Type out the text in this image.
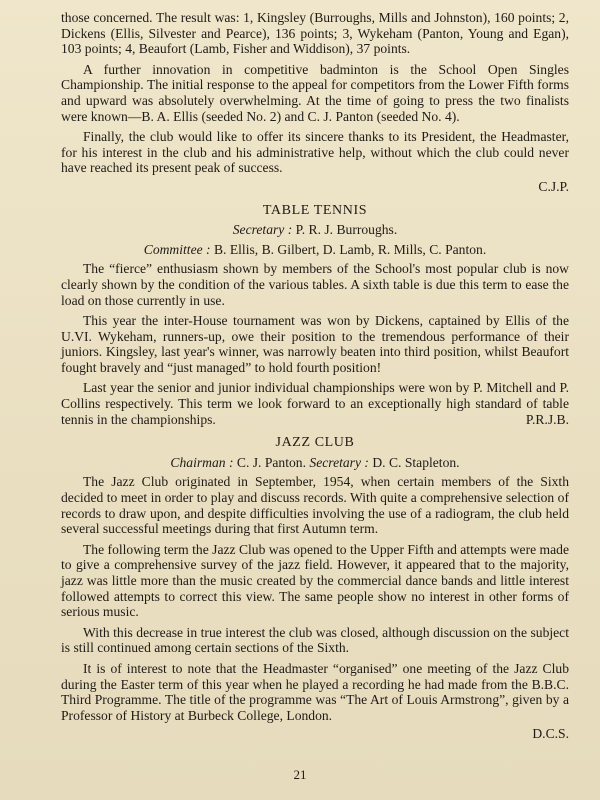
those concerned. The result was: 1, Kingsley (Burroughs, Mills and Johnston), 160 points; 2, Dickens (Ellis, Silvester and Pearce), 136 points; 3, Wykeham (Panton, Young and Egan), 103 points; 4, Beaufort (Lamb, Fisher and Widdison), 37 points.

A further innovation in competitive badminton is the School Open Singles Championship. The initial response to the appeal for competitors from the Lower Fifth forms and upward was absolutely overwhelming. At the time of going to press the two finalists were known—B. A. Ellis (seeded No. 2) and C. J. Panton (seeded No. 4).

Finally, the club would like to offer its sincere thanks to its President, the Headmaster, for his interest in the club and his administrative help, without which the club could never have reached its present peak of success.

C.J.P.
TABLE TENNIS
Secretary : P. R. J. Burroughs.
Committee : B. Ellis, B. Gilbert, D. Lamb, R. Mills, C. Panton.

The “fierce” enthusiasm shown by members of the School's most popular club is now clearly shown by the condition of the various tables. A sixth table is due this term to ease the load on those currently in use.

This year the inter-House tournament was won by Dickens, captained by Ellis of the U.VI. Wykeham, runners-up, owe their position to the tremendous performance of their juniors. Kingsley, last year's winner, was narrowly beaten into third position, whilst Beaufort fought bravely and “just managed” to hold fourth position!

Last year the senior and junior individual championships were won by P. Mitchell and P. Collins respectively. This term we look forward to an exceptionally high standard of table tennis in the championships.	P.R.J.B.

JAZZ CLUB
Chairman : C. J. Panton. Secretary : D. C. Stapleton.

The Jazz Club originated in September, 1954, when certain members of the Sixth decided to meet in order to play and discuss records. With quite a comprehensive selection of records to draw upon, and despite difficulties involving the use of a radiogram, the club held several successful meetings during that first Autumn term.

The following term the Jazz Club was opened to the Upper Fifth and attempts were made to give a comprehensive survey of the jazz field. However, it appeared that to the majority, jazz was little more than the music created by the commercial dance bands and little interest followed attempts to correct this view. The same people show no interest in other forms of serious music.

With this decrease in true interest the club was closed, although discussion on the subject is still continued among certain sections of the Sixth.

It is of interest to note that the Headmaster “organised” one meeting of the Jazz Club during the Easter term of this year when he played a recording he had made from the B.B.C. Third Programme. The title of the programme was “The Art of Louis Armstrong”, given by a Professor of History at Burbeck College, London.

D.C.S.
21
